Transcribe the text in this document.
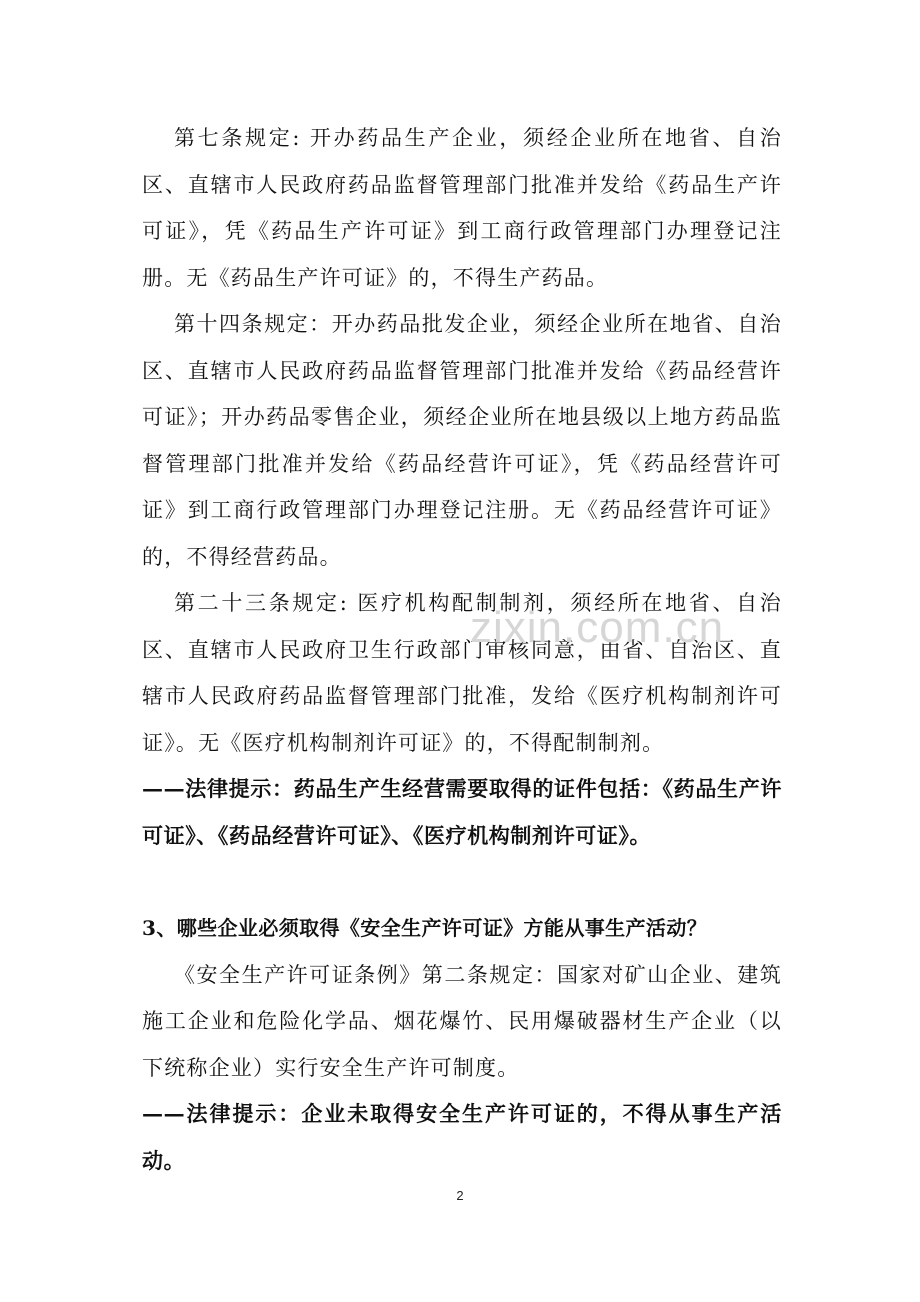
第七条规定: 开办药品生产企业，须经企业所在地省、自治区、直辖市人民政府药品监督管理部门批准并发给《药品生产许可证》，凭《药品生产许可证》到工商行政管理部门办理登记注册。无《药品生产许可证》的，不得生产药品。

第十四条规定：开办药品批发企业，须经企业所在地省、自治区、直辖市人民政府药品监督管理部门批准并发给《药品经营许可证》；开办药品零售企业，须经企业所在地县级以上地方药品监督管理部门批准并发给《药品经营许可证》，凭《药品经营许可证》到工商行政管理部门办理登记注册。无《药品经营许可证》的，不得经营药品。

第二十三条规定: 医疗机构配制制剂，须经所在地省、自治区、直辖市人民政府卫生行政部门审核同意，由省、自治区、直辖市人民政府药品监督管理部门批准，发给《医疗机构制剂许可证》。无《医疗机构制剂许可证》的，不得配制制剂。

——法律提示：药品生产生经营需要取得的证件包括：《药品生产许可证》、《药品经营许可证》、《医疗机构制剂许可证》。

3、哪些企业必须取得《安全生产许可证》方能从事生产活动？

《安全生产许可证条例》第二条规定：国家对矿山企业、建筑施工企业和危险化学品、烟花爆竹、民用爆破器材生产企业（以下统称企业）实行安全生产许可制度。

——法律提示：企业未取得安全生产许可证的，不得从事生产活动。

zixin.com.cn
2
